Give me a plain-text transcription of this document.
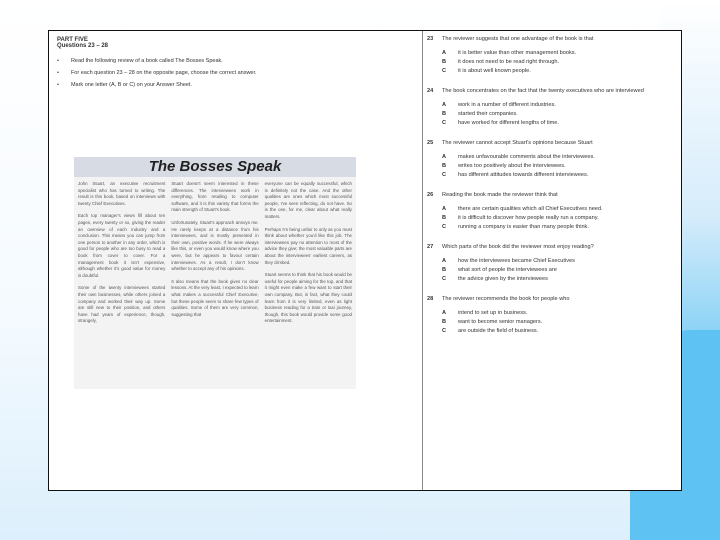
PART FIVE
Questions 23 – 28
• Read the following review of a book called The Bosses Speak.
• For each question 23 – 28 on the opposite page, choose the correct answer.
• Mark one letter (A, B or C) on your Answer Sheet.
The Bosses Speak

John Stuart, an executive recruitment specialist who has turned to writing. The result is this book, based on interviews with twenty Chief Executives.

Each top manager's views fill about ten pages, every twenty or so, giving the reader an overview of each industry and a conclusion. This means you can jump from one person to another in any order, which is good for people who are too busy to read a book from cover to cover. For a management book it isn't expensive, although whether it's good value for money is doubtful.

Some of the twenty interviewees started their own businesses, while others joined a company and worked their way up. Some are still new to their position, and others have had years of experience, though, strangely,

Stuart doesn't seem interested in these differences. The interviewees work in everything, from retailing to computer software, and it is this variety that forms the main strength of Stuart's book.

Unfortunately, Stuart's approach annoys me. He rarely keeps at a distance from his interviewees, and is mostly presented in their own, positive words. If he were always like this, or even you would know where you were, but he appears to favour certain interviewees. As a result, I don't know whether to accept any of his opinions.

It also means that the book gives no clear lessons. At the very least, I expected to learn what makes a successful Chief Executive, but these people seem to share few types of qualities. Some of them are very common, suggesting that

everyone can be equally successful, which is definitely not the case. And the other qualities are ones which most successful people, I've seen reflecting, do not have. So is the one, for me, clear about what really matters.

Perhaps I'm being unfair to only as you must think about whether you'd like this job. The interviewees pay no attention to most of the advice they give; the most valuable parts are about the interviewees' earliest careers, as they climbed.

Stuart seems to think that his book would be useful for people aiming for the top, and that it might even make a few want to start their own company. But, in fact, what they could learn from it is very limited, even as light business reading for a train or taxi journey, though, this book would provide some good entertainment.

23	The reviewer suggests that one advantage of the book is that
A	it is better value than other management books.
B	it does not need to be read right through.
C	it is about well known people.
24	The book concentrates on the fact that the twenty executives who are interviewed
A	work in a number of different industries.
B	started their companies.
C	have worked for different lengths of time.
25	The reviewer cannot accept Stuart's opinions because Stuart
A	makes unfavourable comments about the interviewees.
B	writes too positively about the interviewees.
C	has different attitudes towards different interviewees.
26	Reading the book made the reviewer think that
A	there are certain qualities which all Chief Executives need.
B	it is difficult to discover how people really run a company.
C	running a company is easier than many people think.
27	Which parts of the book did the reviewer most enjoy reading?
A	how the interviewees became Chief Executives
B	what sort of people the interviewees are
C	the advice given by the interviewees
28	The reviewer recommends the book for people who
A	intend to set up in business.
B	want to become senior managers.
C	are outside the field of business.
